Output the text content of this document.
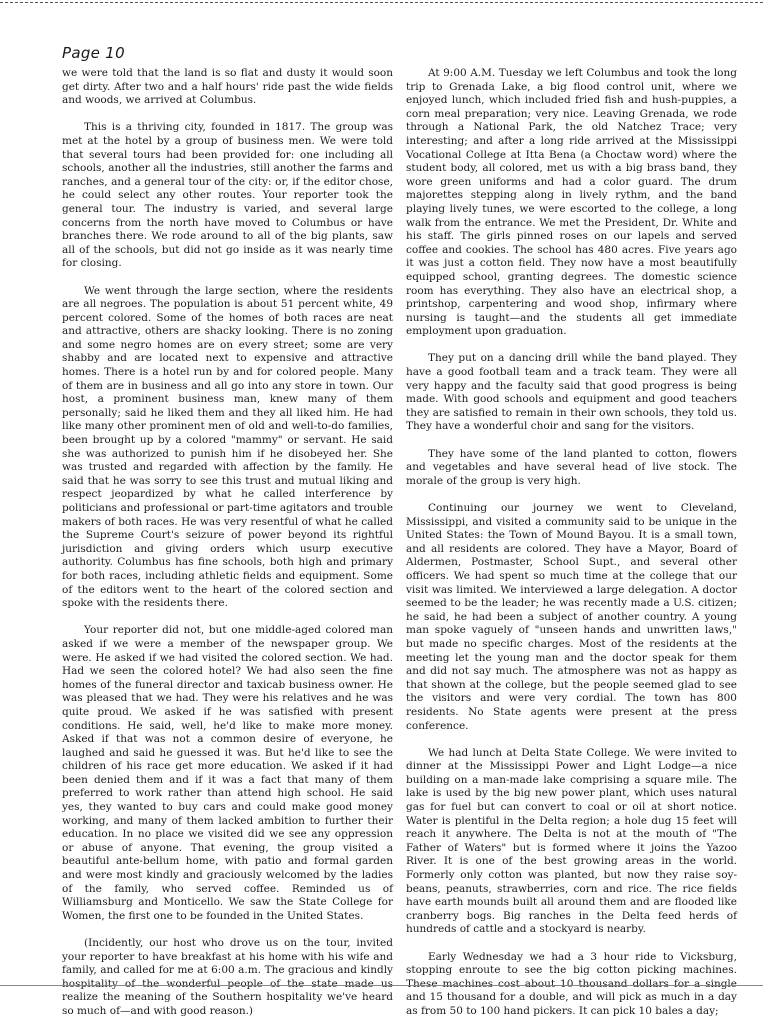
Page 10

we were told that the land is so flat and dusty it would soon get dirty. After two and a half hours' ride past the wide fields and woods, we arrived at Columbus.

This is a thriving city, founded in 1817. The group was met at the hotel by a group of business men. We were told that several tours had been provided for: one including all schools, another all the industries, still another the farms and ranches, and a general tour of the city: or, if the editor chose, he could select any other routes. Your reporter took the general tour. The industry is varied, and several large concerns from the north have moved to Columbus or have branches there. We rode around to all of the big plants, saw all of the schools, but did not go inside as it was nearly time for closing.

We went through the large section, where the residents are all negroes. The population is about 51 percent white, 49 percent colored. Some of the homes of both races are neat and attractive, others are shacky looking. There is no zoning and some negro homes are on every street; some are very shabby and are located next to expensive and attractive homes. There is a hotel run by and for colored people. Many of them are in business and all go into any store in town. Our host, a prominent business man, knew many of them personally; said he liked them and they all liked him. He had like many other prominent men of old and well-to-do families, been brought up by a colored "mammy" or servant. He said she was authorized to punish him if he disobeyed her. She was trusted and regarded with affection by the family. He said that he was sorry to see this trust and mutual liking and respect jeopardized by what he called interference by politicians and professional or part-time agitators and trouble makers of both races. He was very resentful of what he called the Supreme Court's seizure of power beyond its rightful jurisdiction and giving orders which usurp executive authority. Columbus has fine schools, both high and primary for both races, including athletic fields and equipment. Some of the editors went to the heart of the colored section and spoke with the residents there.

Your reporter did not, but one middle-aged colored man asked if we were a member of the newspaper group. We were. He asked if we had visited the colored section. We had. Had we seen the colored hotel? We had also seen the fine homes of the funeral director and taxicab business owner. He was pleased that we had. They were his relatives and he was quite proud. We asked if he was satisfied with present conditions. He said, well, he'd like to make more money. Asked if that was not a common desire of everyone, he laughed and said he guessed it was. But he'd like to see the children of his race get more education. We asked if it had been denied them and if it was a fact that many of them preferred to work rather than attend high school. He said yes, they wanted to buy cars and could make good money working, and many of them lacked ambition to further their education. In no place we visited did we see any oppression or abuse of anyone. That evening, the group visited a beautiful ante-bellum home, with patio and formal garden and were most kindly and graciously welcomed by the ladies of the family, who served coffee. Reminded us of Williamsburg and Monticello. We saw the State College for Women, the first one to be founded in the United States.

(Incidently, our host who drove us on the tour, invited your reporter to have breakfast at his home with his wife and family, and called for me at 6:00 a.m. The gracious and kindly hospitality of the wonderful people of the state made us realize the meaning of the Southern hospitality we've heard so much of—and with good reason.)

At 9:00 A.M. Tuesday we left Columbus and took the long trip to Grenada Lake, a big flood control unit, where we enjoyed lunch, which included fried fish and hush-puppies, a corn meal preparation; very nice. Leaving Grenada, we rode through a National Park, the old Natchez Trace; very interesting; and after a long ride arrived at the Mississippi Vocational College at Itta Bena (a Choctaw word) where the student body, all colored, met us with a big brass band, they wore green uniforms and had a color guard. The drum majorettes stepping along in lively rythm, and the band playing lively tunes, we were escorted to the college, a long walk from the entrance. We met the President, Dr. White and his staff. The girls pinned roses on our lapels and served coffee and cookies. The school has 480 acres. Five years ago it was just a cotton field. They now have a most beautifully equipped school, granting degrees. The domestic science room has everything. They also have an electrical shop, a printshop, carpentering and wood shop, infirmary where nursing is taught—and the students all get immediate employment upon graduation.

They put on a dancing drill while the band played. They have a good football team and a track team. They were all very happy and the faculty said that good progress is being made. With good schools and equipment and good teachers they are satisfied to remain in their own schools, they told us. They have a wonderful choir and sang for the visitors.

They have some of the land planted to cotton, flowers and vegetables and have several head of live stock. The morale of the group is very high.

Continuing our journey we went to Cleveland, Mississippi, and visited a community said to be unique in the United States: the Town of Mound Bayou. It is a small town, and all residents are colored. They have a Mayor, Board of Aldermen, Postmaster, School Supt., and several other officers. We had spent so much time at the college that our visit was limited. We interviewed a large delegation. A doctor seemed to be the leader; he was recently made a U.S. citizen; he said, he had been a subject of another country. A young man spoke vaguely of "unseen hands and unwritten laws," but made no specific charges. Most of the residents at the meeting let the young man and the doctor speak for them and did not say much. The atmosphere was not as happy as that shown at the college, but the people seemed glad to see the visitors and were very cordial. The town has 800 residents. No State agents were present at the press conference.

We had lunch at Delta State College. We were invited to dinner at the Mississippi Power and Light Lodge—a nice building on a man-made lake comprising a square mile. The lake is used by the big new power plant, which uses natural gas for fuel but can convert to coal or oil at short notice. Water is plentiful in the Delta region; a hole dug 15 feet will reach it anywhere. The Delta is not at the mouth of "The Father of Waters" but is formed where it joins the Yazoo River. It is one of the best growing areas in the world. Formerly only cotton was planted, but now they raise soy-beans, peanuts, strawberries, corn and rice. The rice fields have earth mounds built all around them and are flooded like cranberry bogs. Big ranches in the Delta feed herds of hundreds of cattle and a stockyard is nearby.

Early Wednesday we had a 3 hour ride to Vicksburg, stopping enroute to see the big cotton picking machines. These machines cost about 10 thousand dollars for a single and 15 thousand for a double, and will pick as much in a day as from 50 to 100 hand pickers. It can pick 10 bales a day;
